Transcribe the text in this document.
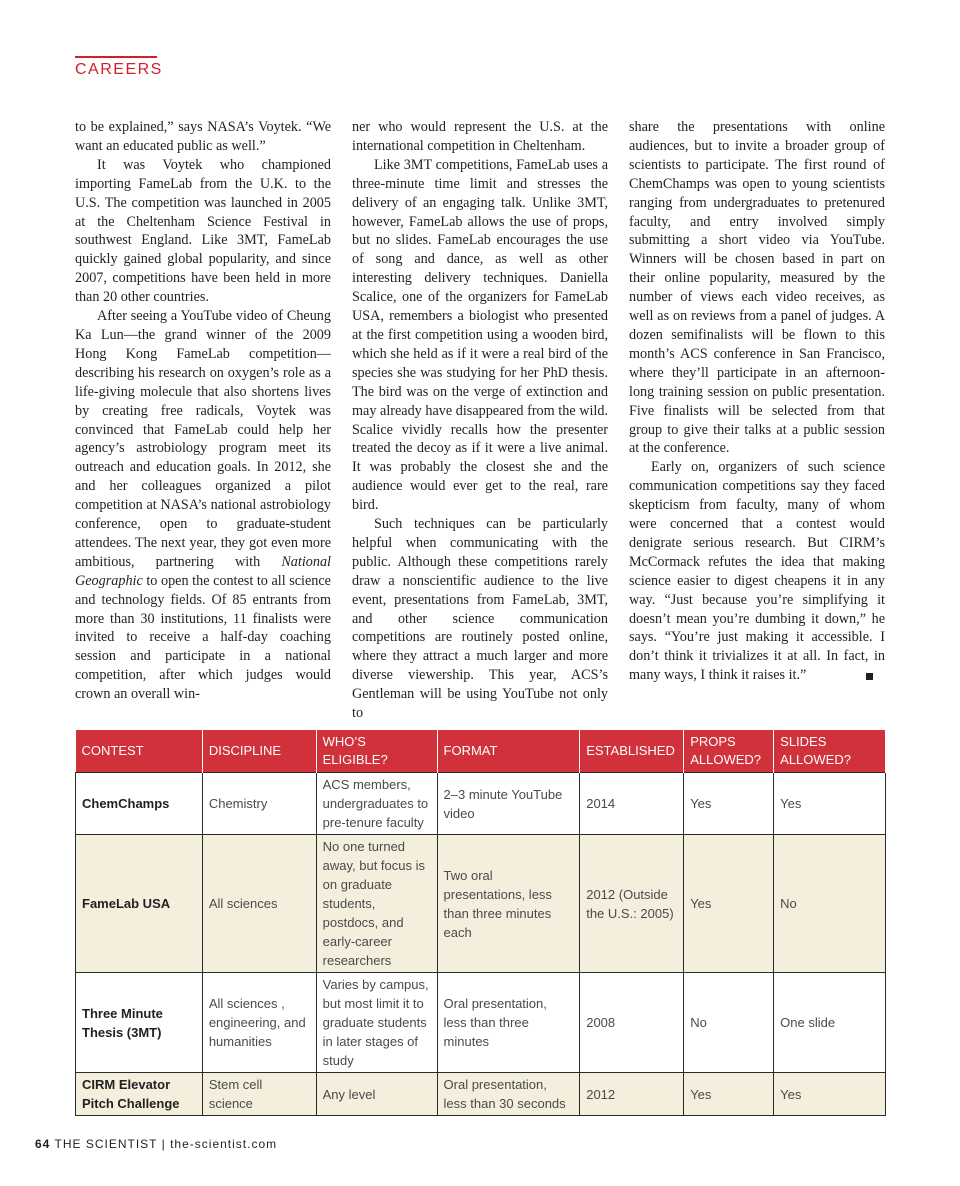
CAREERS

to be explained,” says NASA’s Voytek. “We want an educated public as well.”

It was Voytek who championed importing FameLab from the U.K. to the U.S. The competition was launched in 2005 at the Cheltenham Science Festival in southwest England. Like 3MT, FameLab quickly gained global popularity, and since 2007, competitions have been held in more than 20 other countries.

After seeing a YouTube video of Cheung Ka Lun—the grand winner of the 2009 Hong Kong FameLab competition—describing his research on oxygen’s role as a life-giving molecule that also shortens lives by creating free radicals, Voytek was convinced that FameLab could help her agency’s astrobiology program meet its outreach and education goals. In 2012, she and her colleagues organized a pilot competition at NASA’s national astrobiology conference, open to graduate-student attendees. The next year, they got even more ambitious, partnering with National Geographic to open the contest to all science and technology fields. Of 85 entrants from more than 30 institutions, 11 finalists were invited to receive a half-day coaching session and participate in a national competition, after which judges would crown an overall win-

ner who would represent the U.S. at the international competition in Cheltenham.

Like 3MT competitions, FameLab uses a three-minute time limit and stresses the delivery of an engaging talk. Unlike 3MT, however, FameLab allows the use of props, but no slides. FameLab encourages the use of song and dance, as well as other interesting delivery techniques. Daniella Scalice, one of the organizers for FameLab USA, remembers a biologist who presented at the first competition using a wooden bird, which she held as if it were a real bird of the species she was studying for her PhD thesis. The bird was on the verge of extinction and may already have disappeared from the wild. Scalice vividly recalls how the presenter treated the decoy as if it were a live animal. It was probably the closest she and the audience would ever get to the real, rare bird.

Such techniques can be particularly helpful when communicating with the public. Although these competitions rarely draw a nonscientific audience to the live event, presentations from FameLab, 3MT, and other science communication competitions are routinely posted online, where they attract a much larger and more diverse viewership. This year, ACS’s Gentleman will be using YouTube not only to

share the presentations with online audiences, but to invite a broader group of scientists to participate. The first round of ChemChamps was open to young scientists ranging from undergraduates to pretenured faculty, and entry involved simply submitting a short video via YouTube. Winners will be chosen based in part on their online popularity, measured by the number of views each video receives, as well as on reviews from a panel of judges. A dozen semifinalists will be flown to this month’s ACS conference in San Francisco, where they’ll participate in an afternoon-long training session on public presentation. Five finalists will be selected from that group to give their talks at a public session at the conference.

Early on, organizers of such science communication competitions say they faced skepticism from faculty, many of whom were concerned that a contest would denigrate serious research. But CIRM’s McCormack refutes the idea that making science easier to digest cheapens it in any way. “Just because you’re simplifying it doesn’t mean you’re dumbing it down,” he says. “You’re just making it accessible. I don’t think it trivializes it at all. In fact, in many ways, I think it raises it.”

CONTEST	DISCIPLINE	WHO’S ELIGIBLE?	FORMAT	ESTABLISHED	PROPS ALLOWED?	SLIDES ALLOWED?
ChemChamps	Chemistry	ACS members, undergraduates to pre-tenure faculty	2–3 minute YouTube video	2014	Yes	Yes
FameLab USA	All sciences	No one turned away, but focus is on graduate students, postdocs, and early-career researchers	Two oral presentations, less than three minutes each	2012 (Outside the U.S.: 2005)	Yes	No
Three Minute Thesis (3MT)	All sciences , engineering, and humanities	Varies by campus, but most limit it to graduate students in later stages of study	Oral presentation, less than three minutes	2008	No	One slide
CIRM Elevator Pitch Challenge	Stem cell science	Any level	Oral presentation, less than 30 seconds	2012	Yes	Yes
64 THE SCIENTIST | the-scientist.com
